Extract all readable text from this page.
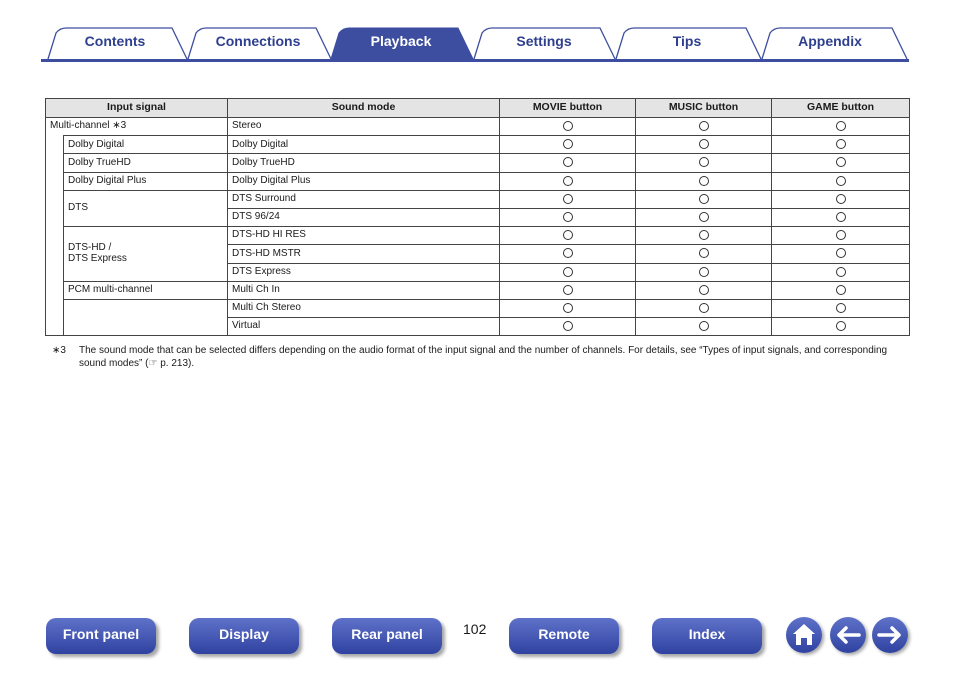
Contents	Connections	Playback	Settings	Tips	Appendix
Input signal		Sound mode	MOVIE button	MUSIC button	GAME button
Multi-channel ∗3		Stereo			
	Dolby Digital	Dolby Digital			
	Dolby TrueHD	Dolby TrueHD			
	Dolby Digital Plus	Dolby Digital Plus			
	DTS	DTS Surround			
		DTS 96/24			
	DTS-HD /
DTS Express	DTS-HD HI RES			
		DTS-HD MSTR			
		DTS Express			
	PCM multi-channel	Multi Ch In			
		Multi Ch Stereo			
		Virtual			
∗3 The sound mode that can be selected differs depending on the audio format of the input signal and the number of channels. For details, see “Types of input signals, and corresponding sound modes” (☞ p. 213).
Front panel	Display	Rear panel	102	Remote	Index
